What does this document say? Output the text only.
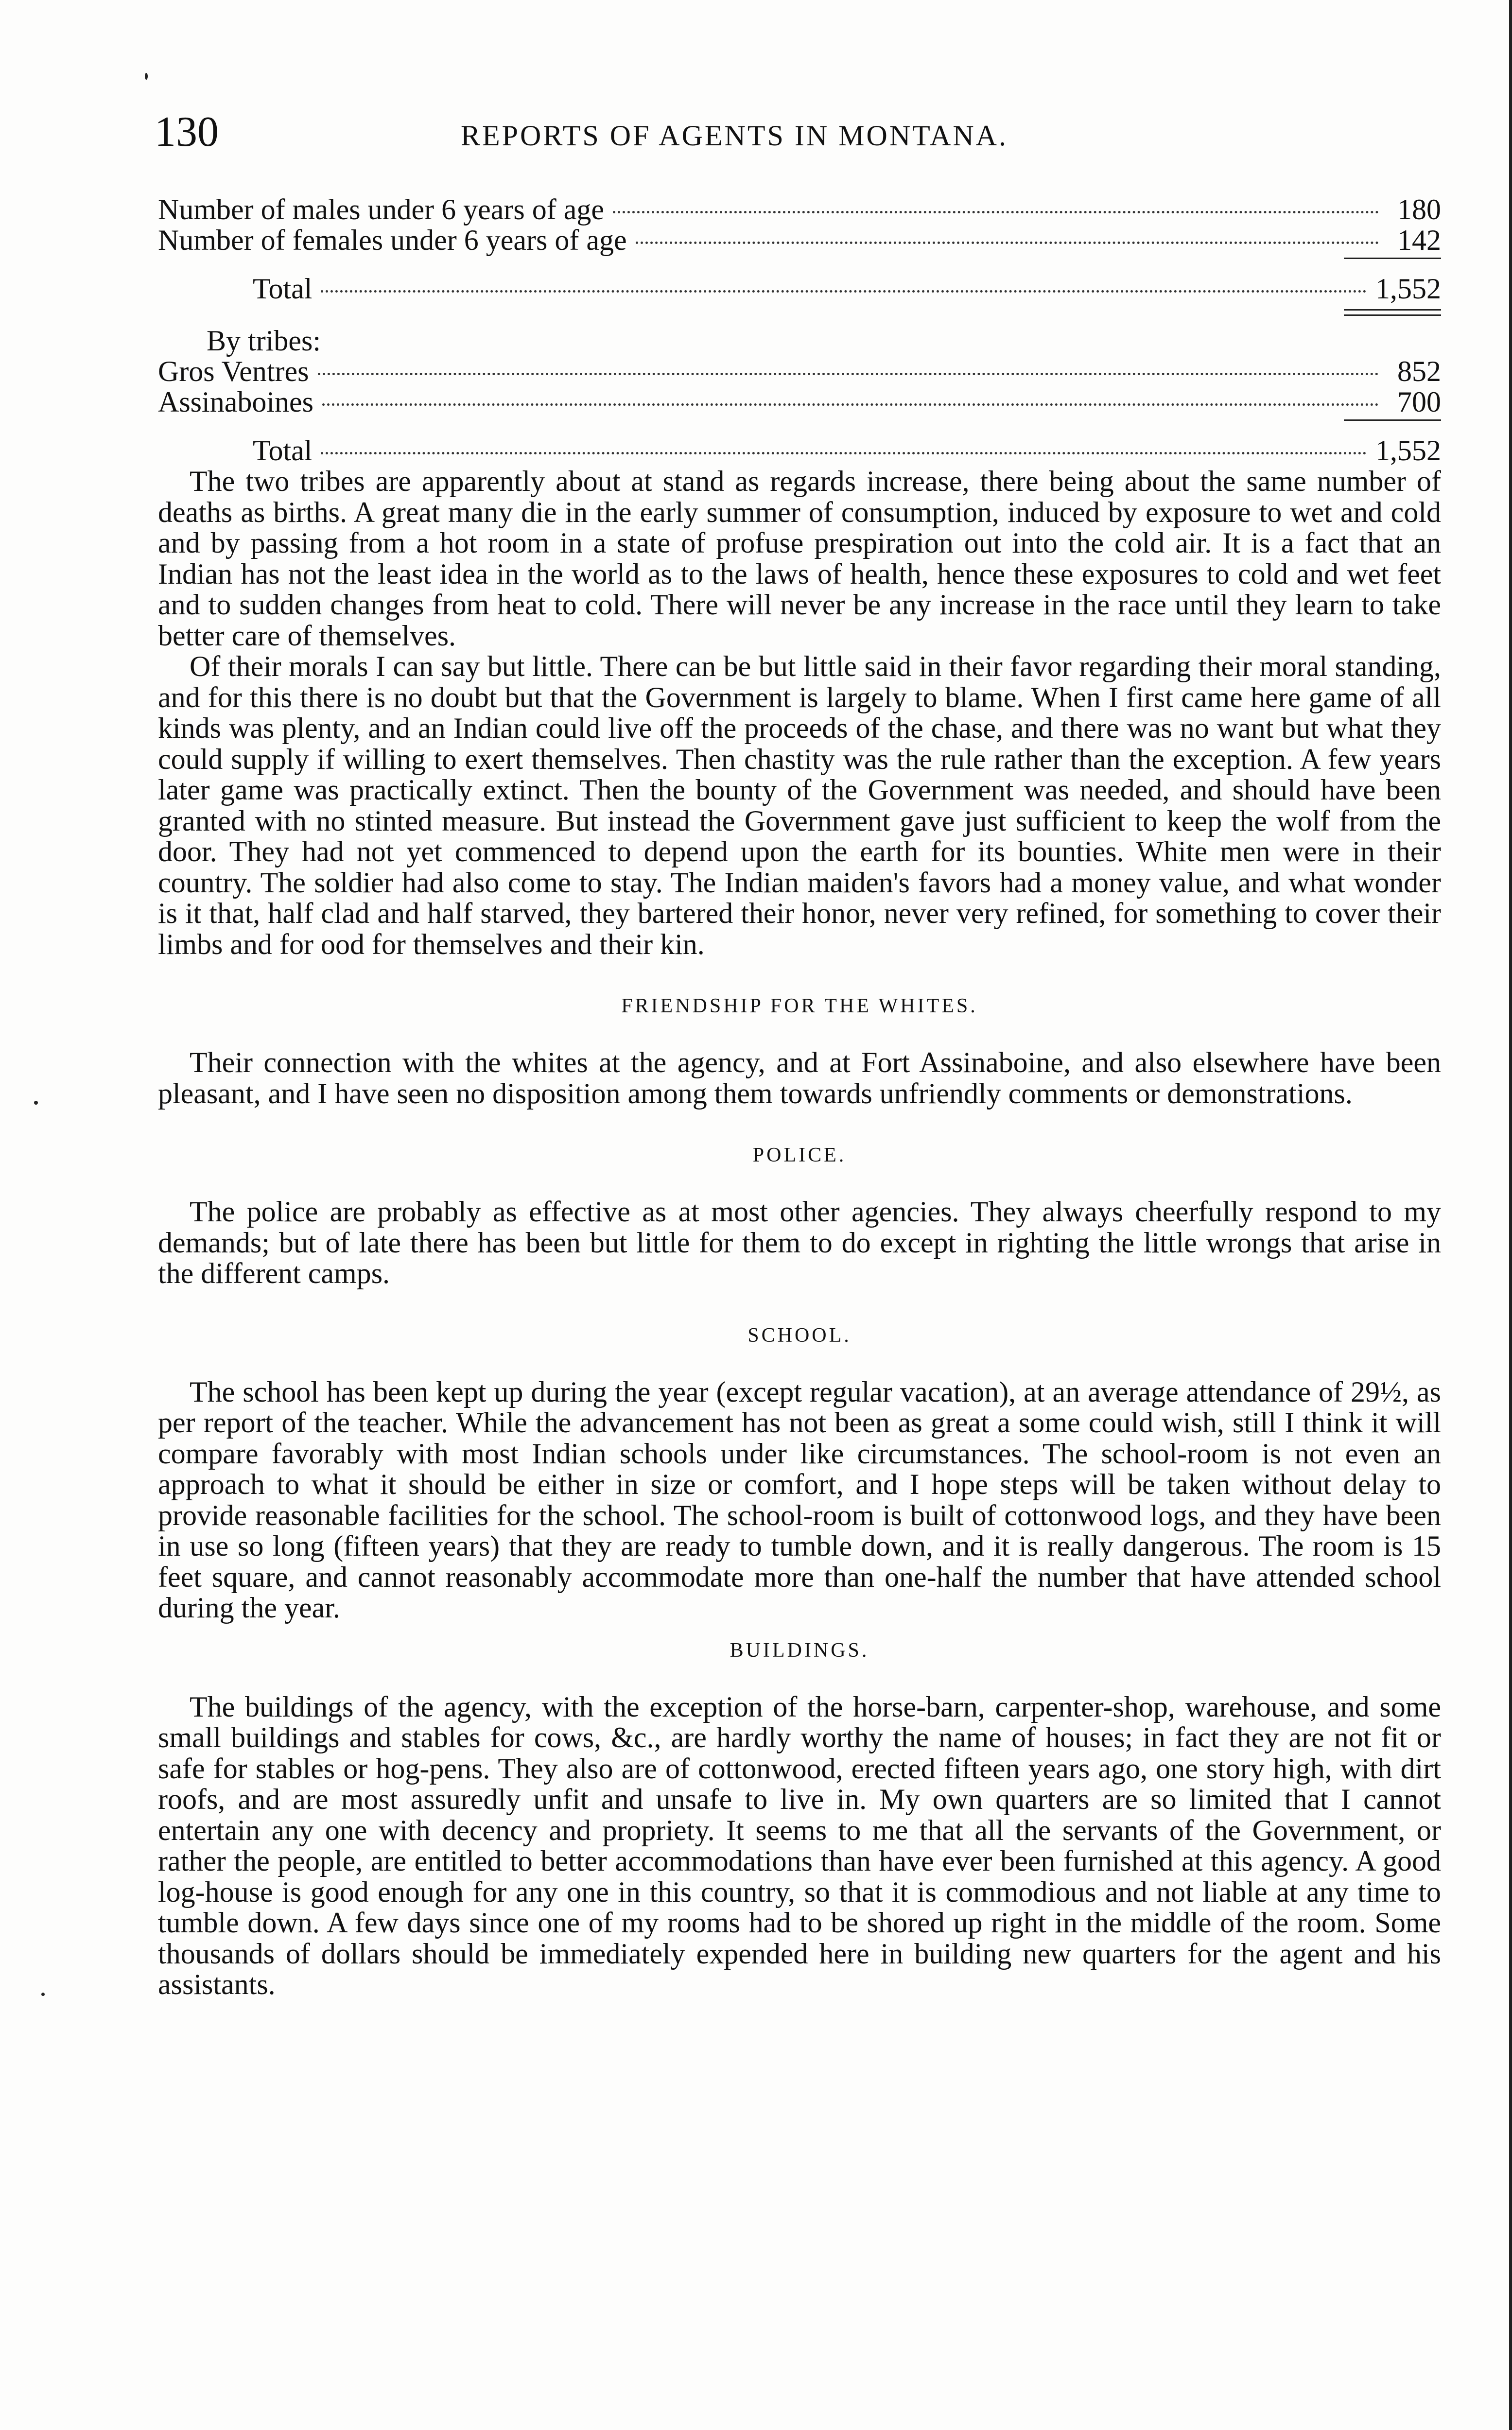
130	REPORTS OF AGENTS IN MONTANA.
Number of males under 6 years of age	180
Number of females under 6 years of age	142
Total	1,552
By tribes:
Gros Ventres	852
Assinaboines	700
Total	1,552

The two tribes are apparently about at stand as regards increase, there being about the same number of deaths as births. A great many die in the early summer of consumption, induced by exposure to wet and cold and by passing from a hot room in a state of profuse prespiration out into the cold air. It is a fact that an Indian has not the least idea in the world as to the laws of health, hence these exposures to cold and wet feet and to sudden changes from heat to cold. There will never be any increase in the race until they learn to take better care of themselves.

Of their morals I can say but little. There can be but little said in their favor regarding their moral standing, and for this there is no doubt but that the Government is largely to blame. When I first came here game of all kinds was plenty, and an Indian could live off the proceeds of the chase, and there was no want but what they could supply if willing to exert themselves. Then chastity was the rule rather than the exception. A few years later game was practically extinct. Then the bounty of the Government was needed, and should have been granted with no stinted measure. But instead the Government gave just sufficient to keep the wolf from the door. They had not yet commenced to depend upon the earth for its bounties. White men were in their country. The soldier had also come to stay. The Indian maiden's favors had a money value, and what wonder is it that, half clad and half starved, they bartered their honor, never very refined, for something to cover their limbs and for ood for themselves and their kin.

FRIENDSHIP FOR THE WHITES.

Their connection with the whites at the agency, and at Fort Assinaboine, and also elsewhere have been pleasant, and I have seen no disposition among them towards unfriendly comments or demonstrations.

POLICE.

The police are probably as effective as at most other agencies. They always cheerfully respond to my demands; but of late there has been but little for them to do except in righting the little wrongs that arise in the different camps.

SCHOOL.

The school has been kept up during the year (except regular vacation), at an average attendance of 29½, as per report of the teacher. While the advancement has not been as great a some could wish, still I think it will compare favorably with most Indian schools under like circumstances. The school-room is not even an approach to what it should be either in size or comfort, and I hope steps will be taken without delay to provide reasonable facilities for the school. The school-room is built of cottonwood logs, and they have been in use so long (fifteen years) that they are ready to tumble down, and it is really dangerous. The room is 15 feet square, and cannot reasonably accommodate more than one-half the number that have attended school during the year.

BUILDINGS.

The buildings of the agency, with the exception of the horse-barn, carpenter-shop, warehouse, and some small buildings and stables for cows, &c., are hardly worthy the name of houses; in fact they are not fit or safe for stables or hog-pens. They also are of cottonwood, erected fifteen years ago, one story high, with dirt roofs, and are most assuredly unfit and unsafe to live in. My own quarters are so limited that I cannot entertain any one with decency and propriety. It seems to me that all the servants of the Government, or rather the people, are entitled to better accommodations than have ever been furnished at this agency. A good log-house is good enough for any one in this country, so that it is commodious and not liable at any time to tumble down. A few days since one of my rooms had to be shored up right in the middle of the room. Some thousands of dollars should be immediately expended here in building new quarters for the agent and his assistants.
